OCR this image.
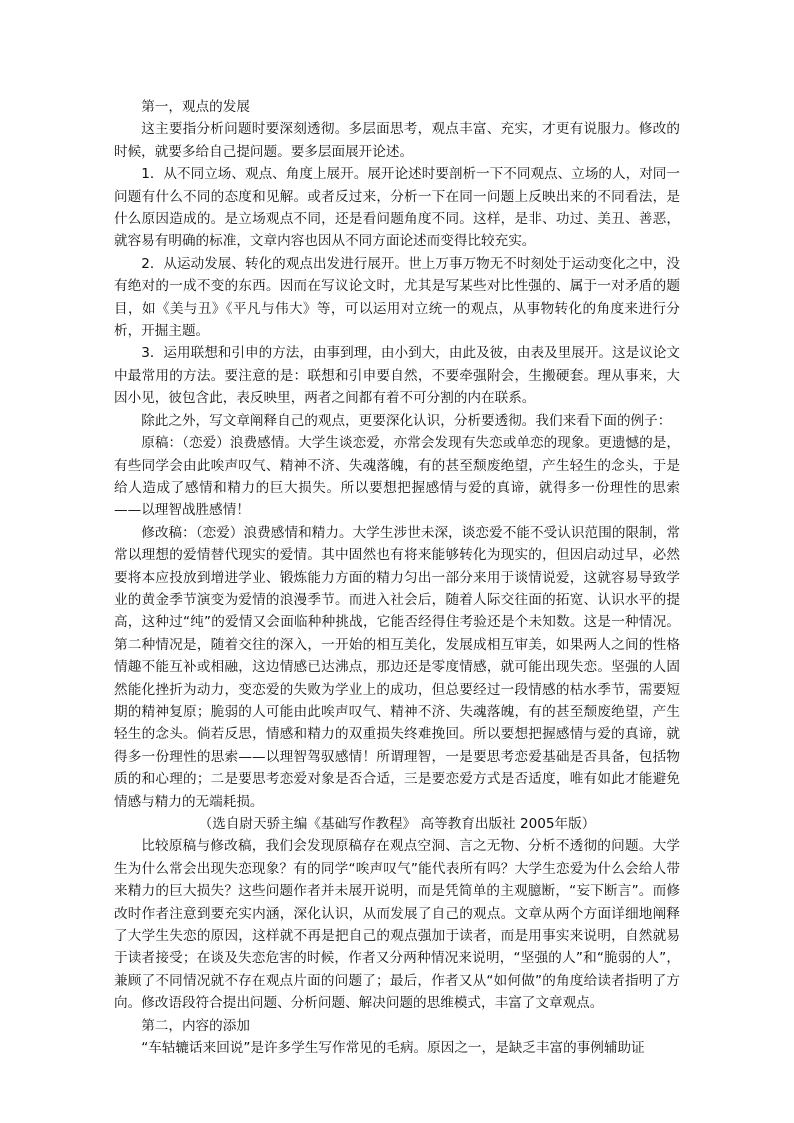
第一，观点的发展

这主要指分析问题时要深刻透彻。多层面思考，观点丰富、充实，才更有说服力。修改的时候，就要多给自己提问题。要多层面展开论述。

1．从不同立场、观点、角度上展开。展开论述时要剖析一下不同观点、立场的人，对同一问题有什么不同的态度和见解。或者反过来，分析一下在同一问题上反映出来的不同看法，是什么原因造成的。是立场观点不同，还是看问题角度不同。这样，是非、功过、美丑、善恶，就容易有明确的标准，文章内容也因从不同方面论述而变得比较充实。

2．从运动发展、转化的观点出发进行展开。世上万事万物无不时刻处于运动变化之中，没有绝对的一成不变的东西。因而在写议论文时，尤其是写某些对比性强的、属于一对矛盾的题目，如《美与丑》《平凡与伟大》等，可以运用对立统一的观点，从事物转化的角度来进行分析，开掘主题。

3．运用联想和引申的方法，由事到理，由小到大，由此及彼，由表及里展开。这是议论文中最常用的方法。要注意的是：联想和引申要自然，不要牵强附会，生搬硬套。理从事来，大因小见，彼包含此，表反映里，两者之间都有着不可分割的内在联系。

除此之外，写文章阐释自己的观点，更要深化认识，分析要透彻。我们来看下面的例子：

原稿：（恋爱）浪费感情。大学生谈恋爱，亦常会发现有失恋或单恋的现象。更遗憾的是，有些同学会由此唉声叹气、精神不济、失魂落魄，有的甚至颓废绝望，产生轻生的念头，于是给人造成了感情和精力的巨大损失。所以要想把握感情与爱的真谛，就得多一份理性的思索——以理智战胜感情！

修改稿：（恋爱）浪费感情和精力。大学生涉世未深，谈恋爱不能不受认识范围的限制，常常以理想的爱情替代现实的爱情。其中固然也有将来能够转化为现实的，但因启动过早，必然要将本应投放到增进学业、锻炼能力方面的精力匀出一部分来用于谈情说爱，这就容易导致学业的黄金季节演变为爱情的浪漫季节。而进入社会后，随着人际交往面的拓宽、认识水平的提高，这种过“纯”的爱情又会面临种种挑战，它能否经得住考验还是个未知数。这是一种情况。第二种情况是，随着交往的深入，一开始的相互美化，发展成相互审美，如果两人之间的性格情趣不能互补或相融，这边情感已达沸点，那边还是零度情感，就可能出现失恋。坚强的人固然能化挫折为动力，变恋爱的失败为学业上的成功，但总要经过一段情感的枯水季节，需要短期的精神复原；脆弱的人可能由此唉声叹气、精神不济、失魂落魄，有的甚至颓废绝望，产生轻生的念头。倘若反思，情感和精力的双重损失终难挽回。所以要想把握感情与爱的真谛，就得多一份理性的思索——以理智驾驭感情！所谓理智，一是要思考恋爱基础是否具备，包括物质的和心理的；二是要思考恋爱对象是否合适，三是要恋爱方式是否适度，唯有如此才能避免情感与精力的无端耗损。

（选自尉天骄主编《基础写作教程》 高等教育出版社 2005年版）

比较原稿与修改稿，我们会发现原稿存在观点空洞、言之无物、分析不透彻的问题。大学生为什么常会出现失恋现象？有的同学“唉声叹气”能代表所有吗？大学生恋爱为什么会给人带来精力的巨大损失？这些问题作者并未展开说明，而是凭简单的主观臆断，“妄下断言”。而修改时作者注意到要充实内涵，深化认识，从而发展了自己的观点。文章从两个方面详细地阐释了大学生失恋的原因，这样就不再是把自己的观点强加于读者，而是用事实来说明，自然就易于读者接受；在谈及失恋危害的时候，作者又分两种情况来说明，“坚强的人”和“脆弱的人”，兼顾了不同情况就不存在观点片面的问题了；最后，作者又从“如何做”的角度给读者指明了方向。修改语段符合提出问题、分析问题、解决问题的思维模式，丰富了文章观点。

第二，内容的添加

“车轱辘话来回说”是许多学生写作常见的毛病。原因之一，是缺乏丰富的事例辅助证
